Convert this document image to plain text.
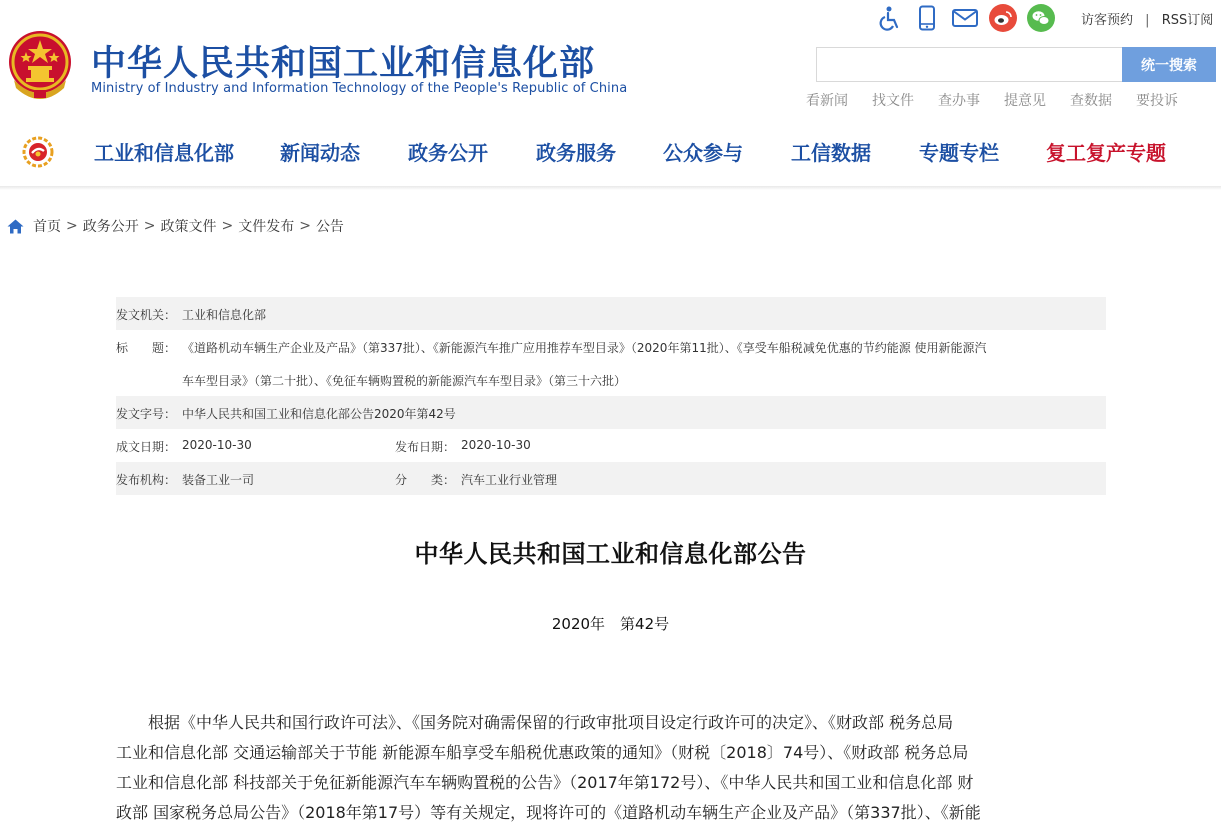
中华人民共和国工业和信息化部
Ministry of Industry and Information Technology of the People's Republic of China
访客预约 | RSS订阅
统一搜索
看新闻 找文件 查办事 提意见 查数据 要投诉
工业和信息化部 新闻动态 政务公开 政务服务 公众参与 工信数据 专题专栏 复工复产专题
首页 > 政务公开 > 政策文件 > 文件发布 > 公告
发文机关： 工业和信息化部
标　　题： 《道路机动车辆生产企业及产品》（第337批）、《新能源汽车推广应用推荐车型目录》（2020年第11批）、《享受车船税减免优惠的节约能源 使用新能源汽
车车型目录》（第二十批）、《免征车辆购置税的新能源汽车车型目录》（第三十六批）
发文字号： 中华人民共和国工业和信息化部公告2020年第42号
成文日期： 2020-10-30	发布日期： 2020-10-30
发布机构： 装备工业一司	分　　类： 汽车工业行业管理
中华人民共和国工业和信息化部公告
2020年　第42号
　　根据《中华人民共和国行政许可法》、《国务院对确需保留的行政审批项目设定行政许可的决定》、《财政部 税务总局
工业和信息化部 交通运输部关于节能 新能源车船享受车船税优惠政策的通知》（财税〔2018〕74号）、《财政部 税务总局
工业和信息化部 科技部关于免征新能源汽车车辆购置税的公告》（2017年第172号）、《中华人民共和国工业和信息化部 财
政部 国家税务总局公告》（2018年第17号）等有关规定，现将许可的《道路机动车辆生产企业及产品》（第337批）、《新能
